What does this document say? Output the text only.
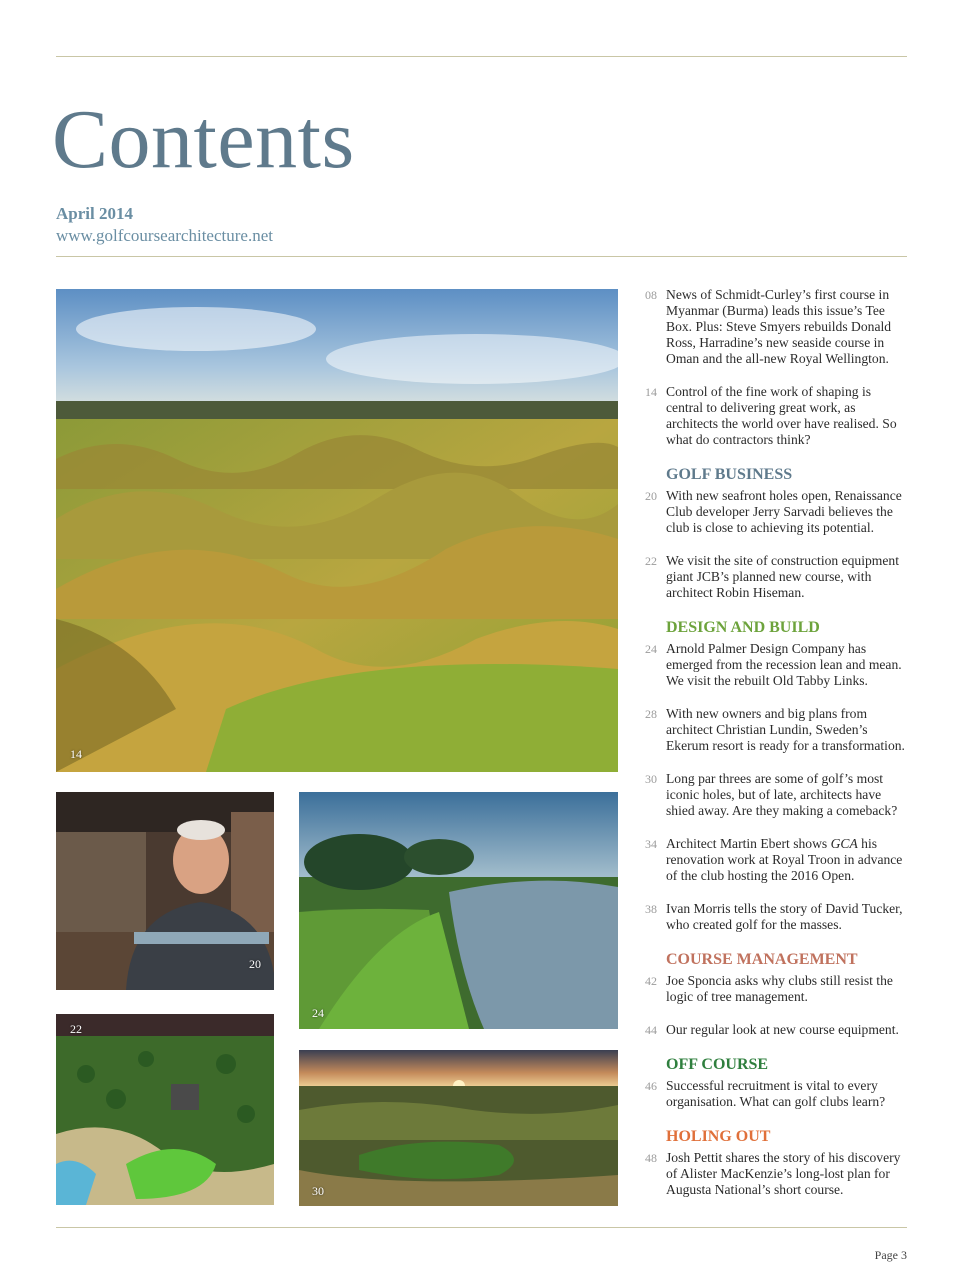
Contents
April 2014
www.golfcoursearchitecture.net
14
20
24
22
30
08 News of Schmidt-Curley’s first course in Myanmar (Burma) leads this issue’s Tee Box. Plus: Steve Smyers rebuilds Donald Ross, Harradine’s new seaside course in Oman and the all-new Royal Wellington.
14 Control of the fine work of shaping is central to delivering great work, as architects the world over have realised. So what do contractors think?
GOLF BUSINESS
20 With new seafront holes open, Renaissance Club developer Jerry Sarvadi believes the club is close to achieving its potential.
22 We visit the site of construction equipment giant JCB’s planned new course, with architect Robin Hiseman.
DESIGN AND BUILD
24 Arnold Palmer Design Company has emerged from the recession lean and mean. We visit the rebuilt Old Tabby Links.
28 With new owners and big plans from architect Christian Lundin, Sweden’s Ekerum resort is ready for a transformation.
30 Long par threes are some of golf’s most iconic holes, but of late, architects have shied away. Are they making a comeback?
34 Architect Martin Ebert shows GCA his renovation work at Royal Troon in advance of the club hosting the 2016 Open.
38 Ivan Morris tells the story of David Tucker, who created golf for the masses.
COURSE MANAGEMENT
42 Joe Sponcia asks why clubs still resist the logic of tree management.
44 Our regular look at new course equipment.
OFF COURSE
46 Successful recruitment is vital to every organisation. What can golf clubs learn?
HOLING OUT
48 Josh Pettit shares the story of his discovery of Alister MacKenzie’s long-lost plan for Augusta National’s short course.
Page 3
